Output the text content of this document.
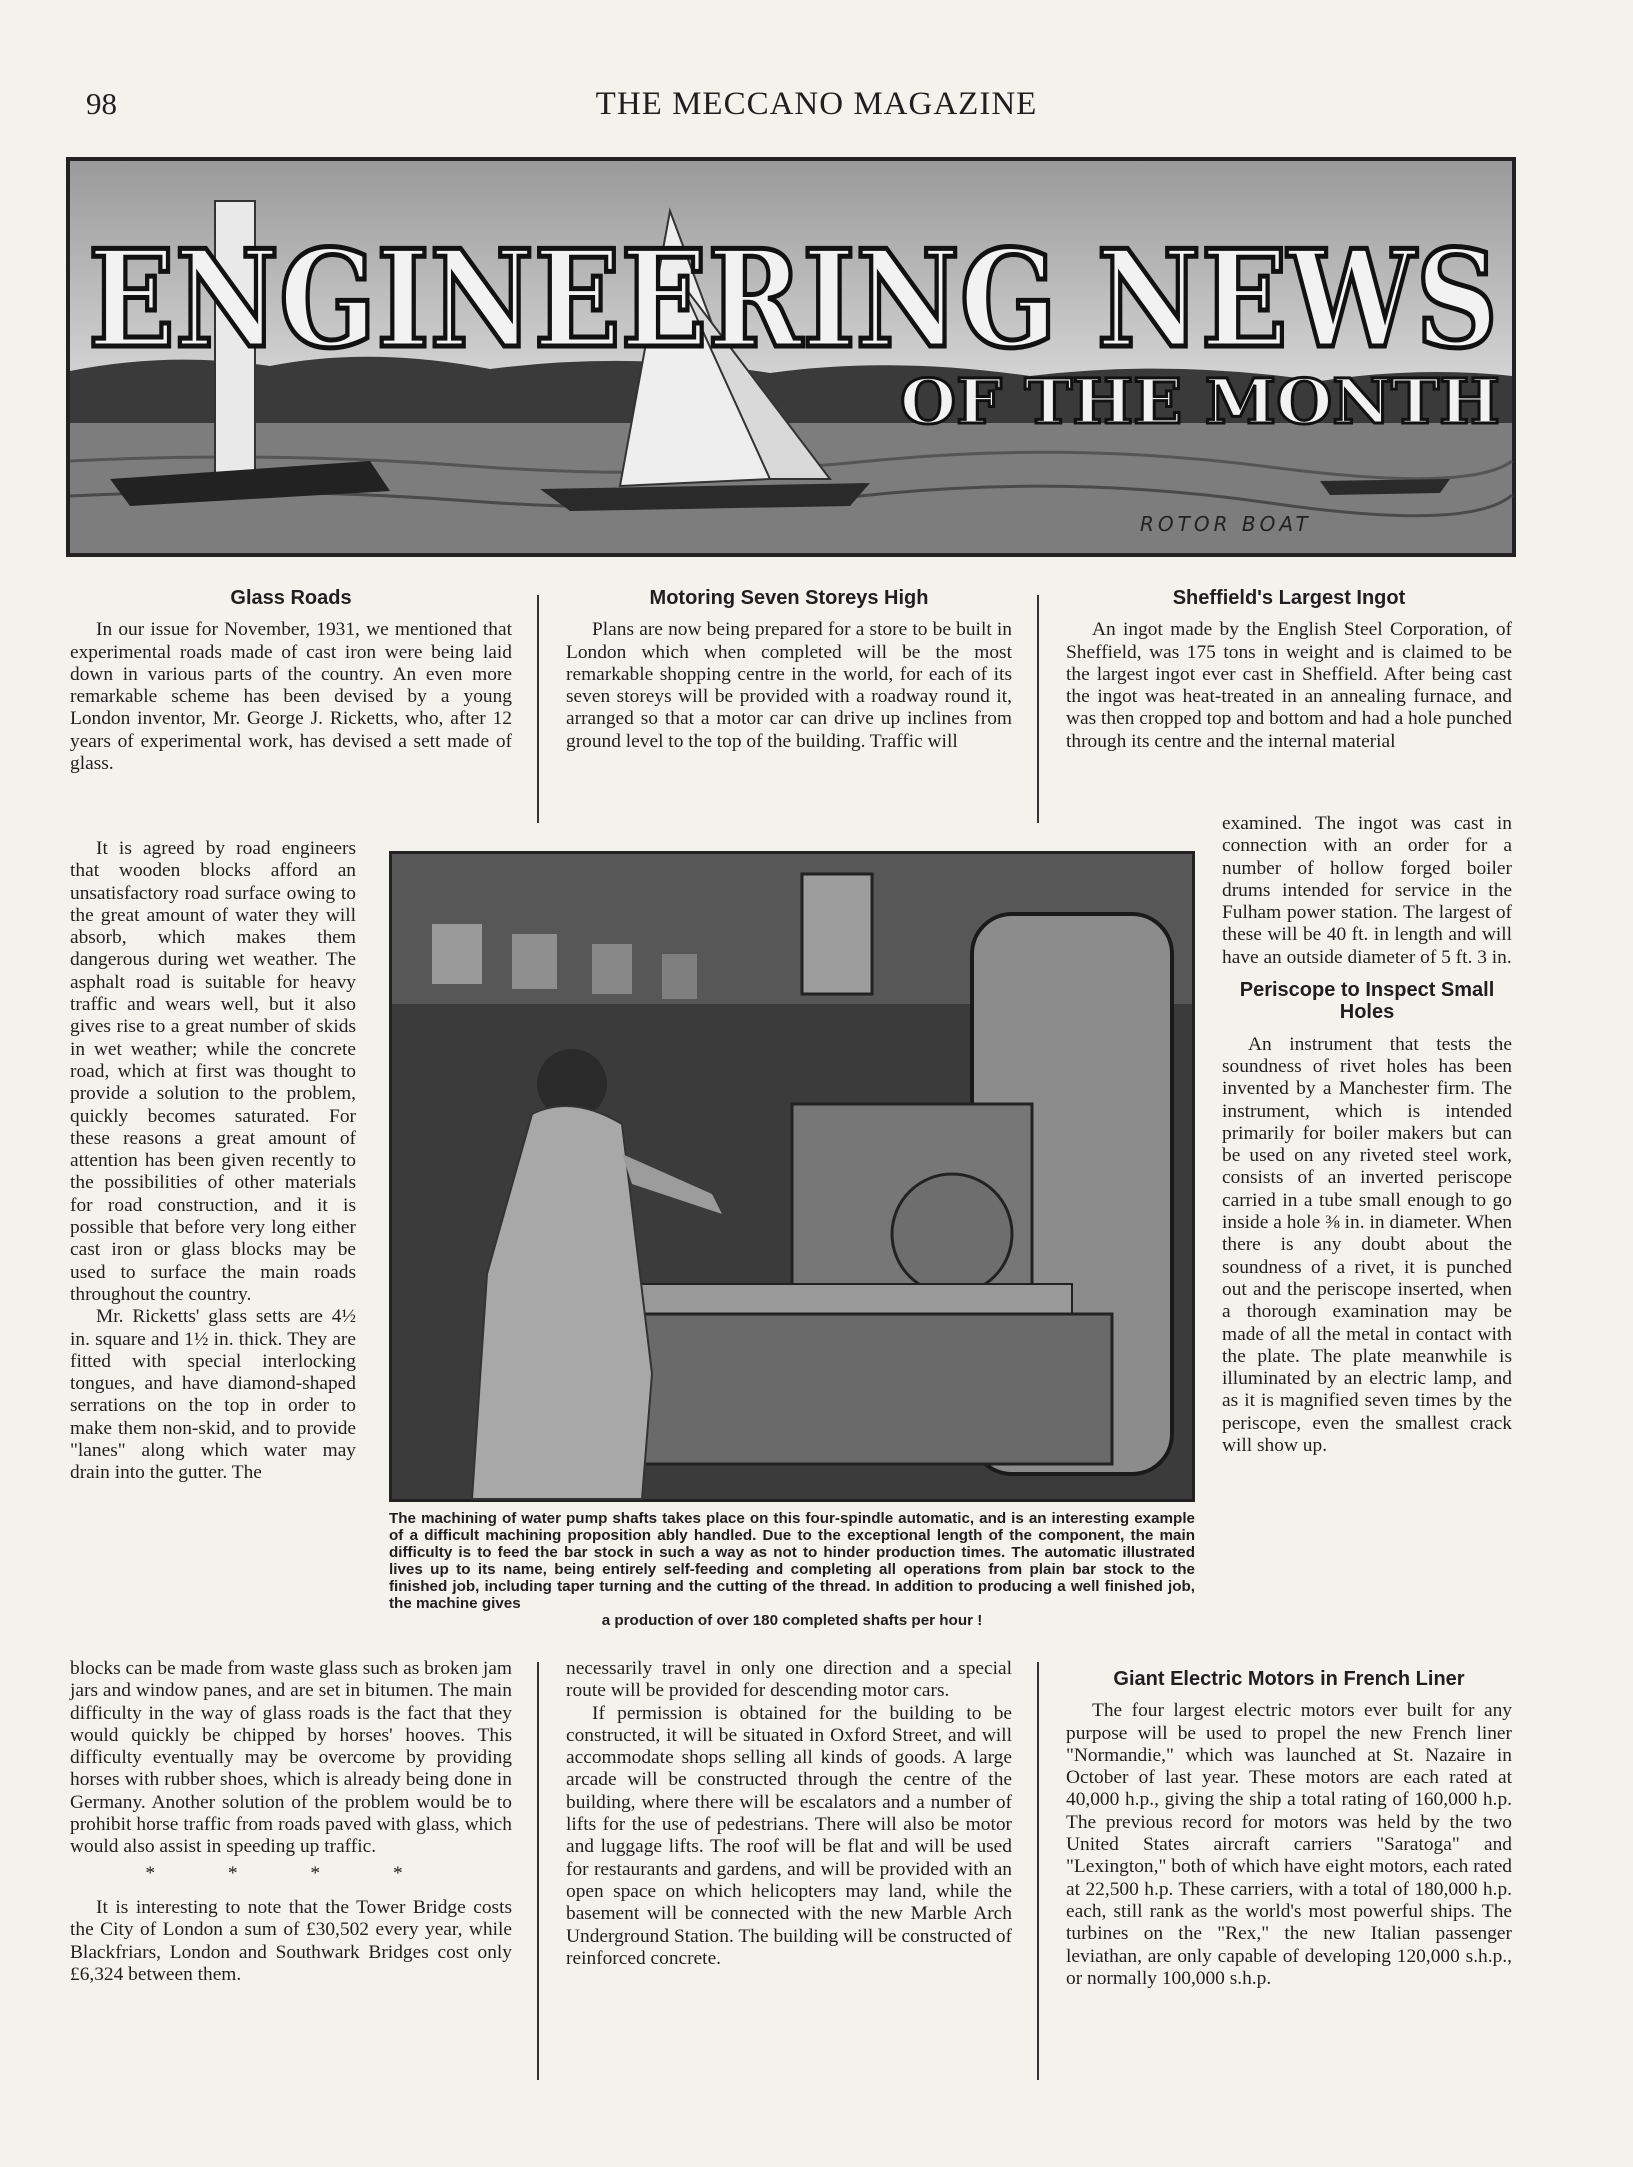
98	THE MECCANO MAGAZINE
ENGINEERING NEWS
OF THE MONTH
ROTOR BOAT
Glass Roads

In our issue for November, 1931, we mentioned that experimental roads made of cast iron were being laid down in various parts of the country. An even more remarkable scheme has been devised by a young London inventor, Mr. George J. Ricketts, who, after 12 years of experimental work, has devised a sett made of glass.

It is agreed by road engineers that wooden blocks afford an unsatisfactory road surface owing to the great amount of water they will absorb, which makes them dangerous during wet weather. The asphalt road is suitable for heavy traffic and wears well, but it also gives rise to a great number of skids in wet weather; while the concrete road, which at first was thought to provide a solution to the problem, quickly becomes saturated. For these reasons a great amount of attention has been given recently to the possibilities of other materials for road construction, and it is possible that before very long either cast iron or glass blocks may be used to surface the main roads throughout the country.

Mr. Ricketts' glass setts are 4½ in. square and 1½ in. thick. They are fitted with special interlocking tongues, and have diamond-shaped serrations on the top in order to make them non-skid, and to provide "lanes" along which water may drain into the gutter. The

blocks can be made from waste glass such as broken jam jars and window panes, and are set in bitumen. The main difficulty in the way of glass roads is the fact that they would quickly be chipped by horses' hooves. This difficulty eventually may be overcome by providing horses with rubber shoes, which is already being done in Germany. Another solution of the problem would be to prohibit horse traffic from roads paved with glass, which would also assist in speeding up traffic.

* * * *

It is interesting to note that the Tower Bridge costs the City of London a sum of £30,502 every year, while Blackfriars, London and Southwark Bridges cost only £6,324 between them.

Motoring Seven Storeys High

Plans are now being prepared for a store to be built in London which when completed will be the most remarkable shopping centre in the world, for each of its seven storeys will be provided with a roadway round it, arranged so that a motor car can drive up inclines from ground level to the top of the building. Traffic will

necessarily travel in only one direction and a special route will be provided for descending motor cars.

If permission is obtained for the building to be constructed, it will be situated in Oxford Street, and will accommodate shops selling all kinds of goods. A large arcade will be constructed through the centre of the building, where there will be escalators and a number of lifts for the use of pedestrians. There will also be motor and luggage lifts. The roof will be flat and will be used for restaurants and gardens, and will be provided with an open space on which helicopters may land, while the basement will be connected with the new Marble Arch Underground Station. The building will be constructed of reinforced concrete.

The machining of water pump shafts takes place on this four-spindle automatic, and is an interesting example of a difficult machining proposition ably handled. Due to the exceptional length of the component, the main difficulty is to feed the bar stock in such a way as not to hinder production times. The automatic illustrated lives up to its name, being entirely self-feeding and completing all operations from plain bar stock to the finished job, including taper turning and the cutting of the thread. In addition to producing a well finished job, the machine gives
a production of over 180 completed shafts per hour !
Sheffield's Largest Ingot

An ingot made by the English Steel Corporation, of Sheffield, was 175 tons in weight and is claimed to be the largest ingot ever cast in Sheffield. After being cast the ingot was heat-treated in an annealing furnace, and was then cropped top and bottom and had a hole punched through its centre and the internal material

examined. The ingot was cast in connection with an order for a number of hollow forged boiler drums intended for service in the Fulham power station. The largest of these will be 40 ft. in length and will have an outside diameter of 5 ft. 3 in.

Periscope to Inspect Small Holes

An instrument that tests the soundness of rivet holes has been invented by a Manchester firm. The instrument, which is intended primarily for boiler makers but can be used on any riveted steel work, consists of an inverted periscope carried in a tube small enough to go inside a hole ⅜ in. in diameter. When there is any doubt about the soundness of a rivet, it is punched out and the periscope inserted, when a thorough examination may be made of all the metal in contact with the plate. The plate meanwhile is illuminated by an electric lamp, and as it is magnified seven times by the periscope, even the smallest crack will show up.

Giant Electric Motors in French Liner

The four largest electric motors ever built for any purpose will be used to propel the new French liner "Normandie," which was launched at St. Nazaire in October of last year. These motors are each rated at 40,000 h.p., giving the ship a total rating of 160,000 h.p. The previous record for motors was held by the two United States aircraft carriers "Saratoga" and "Lexington," both of which have eight motors, each rated at 22,500 h.p. These carriers, with a total of 180,000 h.p. each, still rank as the world's most powerful ships. The turbines on the "Rex," the new Italian passenger leviathan, are only capable of developing 120,000 s.h.p., or normally 100,000 s.h.p.
